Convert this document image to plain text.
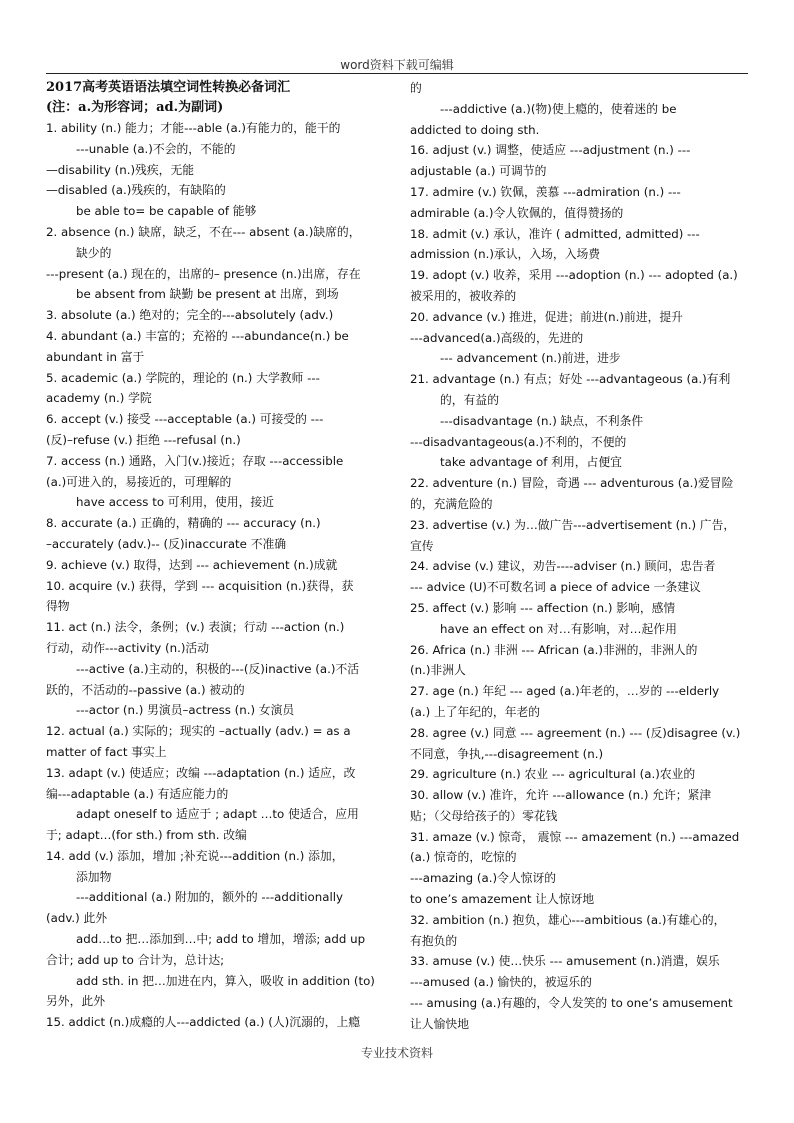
word资料下载可编辑

2017高考英语语法填空词性转换必备词汇

(注：a.为形容词；ad.为副词)

1. ability (n.) 能力；才能---able (a.)有能力的，能干的

---unable (a.)不会的，不能的

—disability (n.)残疾，无能

—disabled (a.)残疾的，有缺陷的

be able to= be capable of 能够

2. absence (n.) 缺席，缺乏，不在--- absent (a.)缺席的，

缺少的

---present (a.) 现在的，出席的– presence (n.)出席，存在

be absent from 缺勤 be present at 出席，到场

3. absolute (a.) 绝对的；完全的---absolutely (adv.)

4. abundant (a.) 丰富的；充裕的 ---abundance(n.) be

abundant in 富于

5. academic (a.) 学院的，理论的 (n.) 大学教师 ---

academy (n.) 学院

6. accept (v.) 接受 ---acceptable (a.) 可接受的 ---

(反)–refuse (v.) 拒绝 ---refusal (n.)

7. access (n.) 通路，入门(v.)接近；存取 ---accessible

(a.)可进入的，易接近的，可理解的

have access to 可利用，使用，接近

8. accurate (a.) 正确的，精确的 --- accuracy (n.)

–accurately (adv.)-- (反)inaccurate 不准确

9. achieve (v.) 取得，达到 --- achievement (n.)成就

10. acquire (v.) 获得，学到 --- acquisition (n.)获得，获

得物

11. act (n.) 法令，条例；(v.) 表演；行动 ---action (n.)

行动，动作---activity (n.)活动

---active (a.)主动的，积极的---(反)inactive (a.)不活

跃的，不活动的--passive (a.) 被动的

---actor (n.) 男演员–actress (n.) 女演员

12. actual (a.) 实际的；现实的 –actually (adv.) = as a

matter of fact 事实上

13. adapt (v.) 使适应；改编 ---adaptation (n.) 适应，改

编---adaptable (a.) 有适应能力的

adapt oneself to 适应于 ; adapt …to 使适合，应用

于; adapt…(for sth.) from sth. 改编

14. add (v.) 添加，增加 ;补充说---addition (n.) 添加，

添加物

---additional (a.) 附加的，额外的 ---additionally

(adv.) 此外

add…to 把…添加到…中; add to 增加，增添; add up

合计; add up to 合计为，总计达;

add sth. in 把…加进在内，算入，吸收 in addition (to)

另外，此外

15. addict (n.)成瘾的人---addicted (a.) (人)沉溺的，上瘾

的

---addictive (a.)(物)使上瘾的，使着迷的 be

addicted to doing sth.

16. adjust (v.) 调整，使适应 ---adjustment (n.) ---

adjustable (a.) 可调节的

17. admire (v.) 钦佩，羡慕 ---admiration (n.) ---

admirable (a.)令人钦佩的，值得赞扬的

18. admit (v.) 承认，准许 ( admitted, admitted) ---

admission (n.)承认，入场，入场费

19. adopt (v.) 收养，采用 ---adoption (n.) --- adopted (a.)

被采用的，被收养的

20. advance (v.) 推进，促进；前进(n.)前进，提升

---advanced(a.)高级的，先进的

--- advancement (n.)前进，进步

21. advantage (n.) 有点；好处 ---advantageous (a.)有利

的，有益的

---disadvantage (n.) 缺点，不利条件

---disadvantageous(a.)不利的，不便的

take advantage of 利用，占便宜

22. adventure (n.) 冒险，奇遇 --- adventurous (a.)爱冒险

的，充满危险的

23. advertise (v.) 为…做广告---advertisement (n.) 广告，

宣传

24. advise (v.) 建议，劝告----adviser (n.) 顾问，忠告者

--- advice (U)不可数名词 a piece of advice 一条建议

25. affect (v.) 影响 --- affection (n.) 影响，感情

have an effect on 对…有影响，对…起作用

26. Africa (n.) 非洲 --- African (a.)非洲的，非洲人的

(n.)非洲人

27. age (n.) 年纪 --- aged (a.)年老的，…岁的 ---elderly

(a.) 上了年纪的，年老的

28. agree (v.) 同意 --- agreement (n.) --- (反)disagree (v.)

不同意，争执,---disagreement (n.)

29. agriculture (n.) 农业 --- agricultural (a.)农业的

30. allow (v.) 准许，允许 ---allowance (n.) 允许；紧津

贴；（父母给孩子的）零花钱

31. amaze (v.) 惊奇， 震惊 --- amazement (n.) ---amazed

(a.) 惊奇的，吃惊的

---amazing (a.)令人惊讶的

to one’s amazement 让人惊讶地

32. ambition (n.) 抱负，雄心---ambitious (a.)有雄心的，

有抱负的

33. amuse (v.) 使…快乐 --- amusement (n.)消遣，娱乐

---amused (a.) 愉快的，被逗乐的

--- amusing (a.)有趣的，令人发笑的 to one’s amusement

让人愉快地

专业技术资料
